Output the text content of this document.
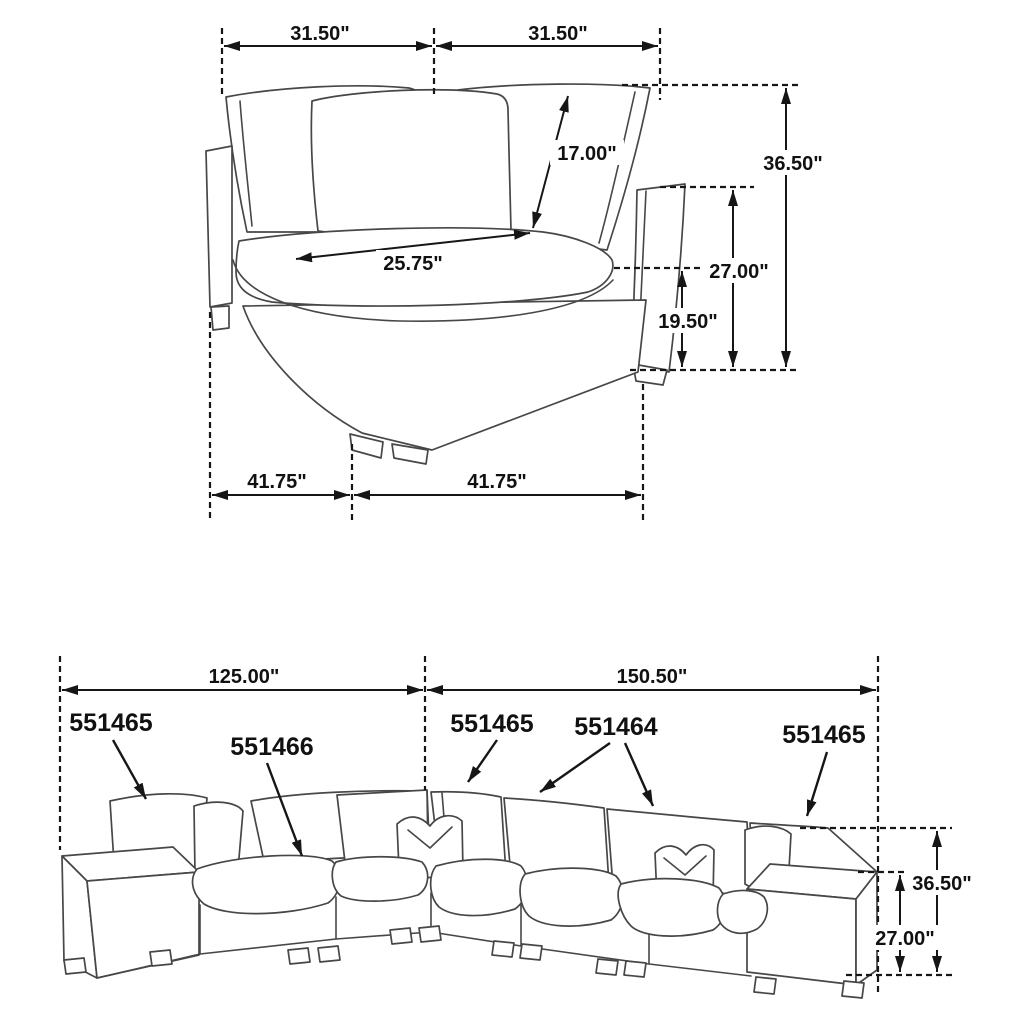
31.50"	31.50"
17.00"	36.50"
27.00"
25.75"
19.50"
41.75"	41.75"
125.00"	150.50"
36.50"
27.00"
551465
551466
551465 551464	551465
